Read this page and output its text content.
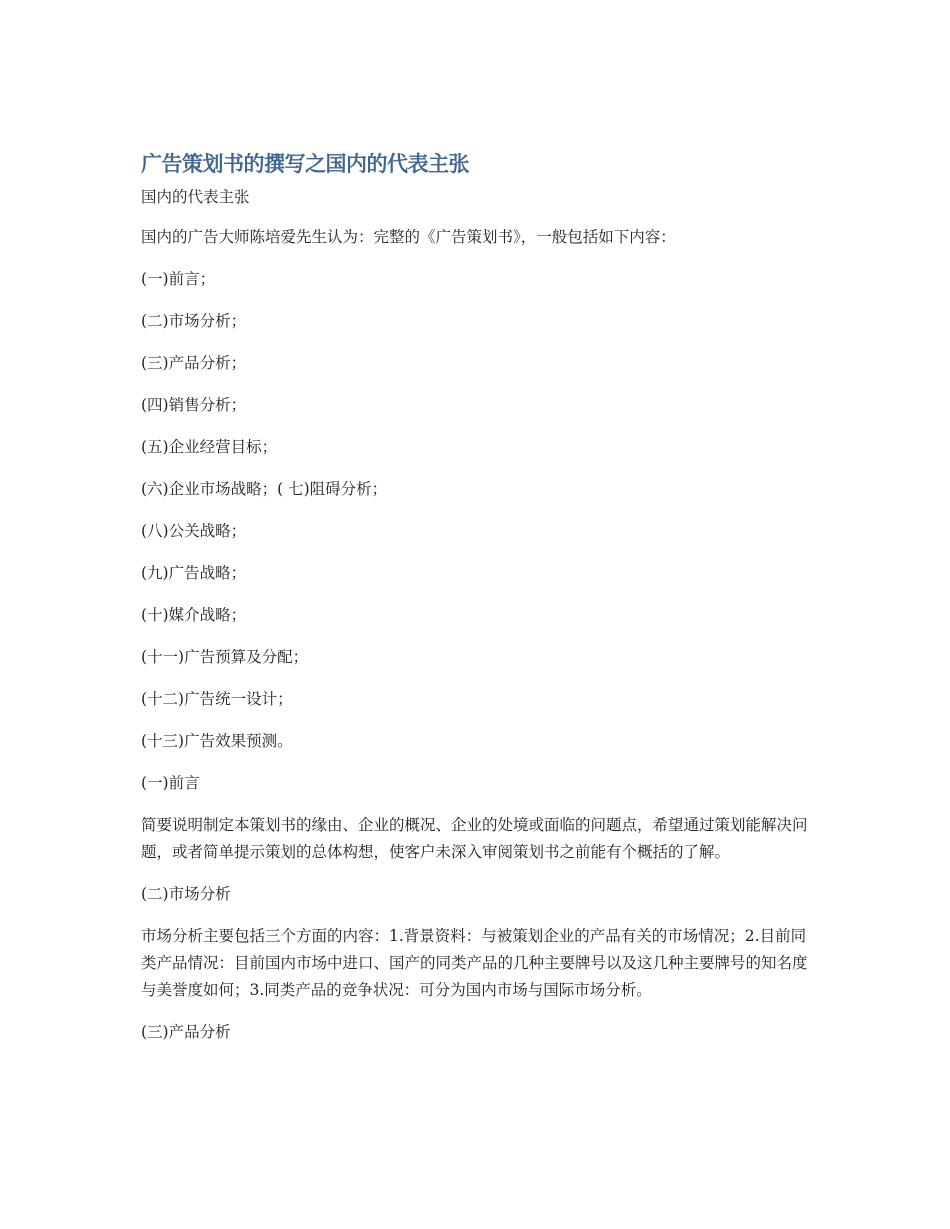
广告策划书的撰写之国内的代表主张

国内的代表主张

国内的广告大师陈培爱先生认为：完整的《广告策划书》，一般包括如下内容：

(一)前言；

(二)市场分析；

(三)产品分析；

(四)销售分析；

(五)企业经营目标；

(六)企业市场战略；( 七)阻碍分析；

(八)公关战略；

(九)广告战略；

(十)媒介战略；

(十一)广告预算及分配；

(十二)广告统一设计；

(十三)广告效果预测。

(一)前言

简要说明制定本策划书的缘由、企业的概况、企业的处境或面临的问题点，希望通过策划能解决问题，或者简单提示策划的总体构想，使客户未深入审阅策划书之前能有个概括的了解。

(二)市场分析

市场分析主要包括三个方面的内容：1.背景资料：与被策划企业的产品有关的市场情况；2.目前同类产品情况：目前国内市场中进口、国产的同类产品的几种主要牌号以及这几种主要牌号的知名度与美誉度如何；3.同类产品的竞争状况：可分为国内市场与国际市场分析。

(三)产品分析
